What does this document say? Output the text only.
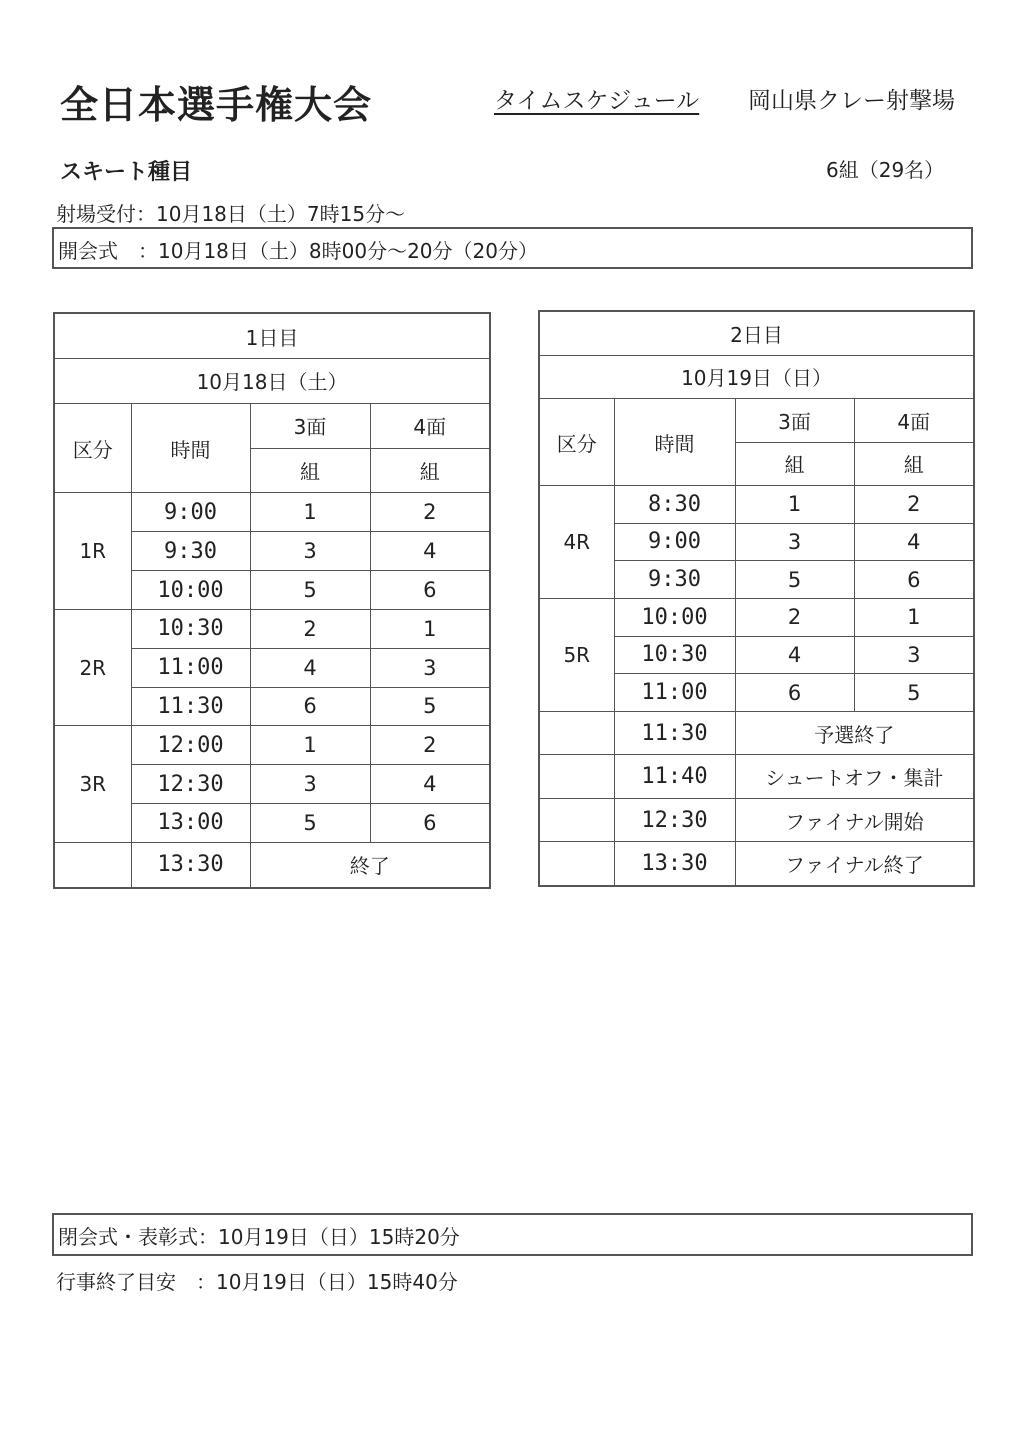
全日本選手権大会	タイムスケジュール 岡山県クレー射撃場
スキート種目	6組（29名）
射場受付：10月18日（土）7時15分～
開会式　：10月18日（土）8時00分～20分（20分）
1日目			
10月18日（土）			
区分	時間	3面	4面
		組	組
1R	9:00	1	2
	9:30	3	4
	10:00	5	6
2R	10:30	2	1
	11:00	4	3
	11:30	6	5
3R	12:00	1	2
	12:30	3	4
	13:00	5	6
	13:30	終了	
2日目			
10月19日（日）			
区分	時間	3面	4面
		組	組
4R	8:30	1	2
	9:00	3	4
	9:30	5	6
5R	10:00	2	1
	10:30	4	3
	11:00	6	5
	11:30	予選終了	
	11:40	シュートオフ・集計	
	12:30	ファイナル開始	
	13:30	ファイナル終了	
閉会式・表彰式：10月19日（日）15時20分
行事終了目安　：10月19日（日）15時40分
